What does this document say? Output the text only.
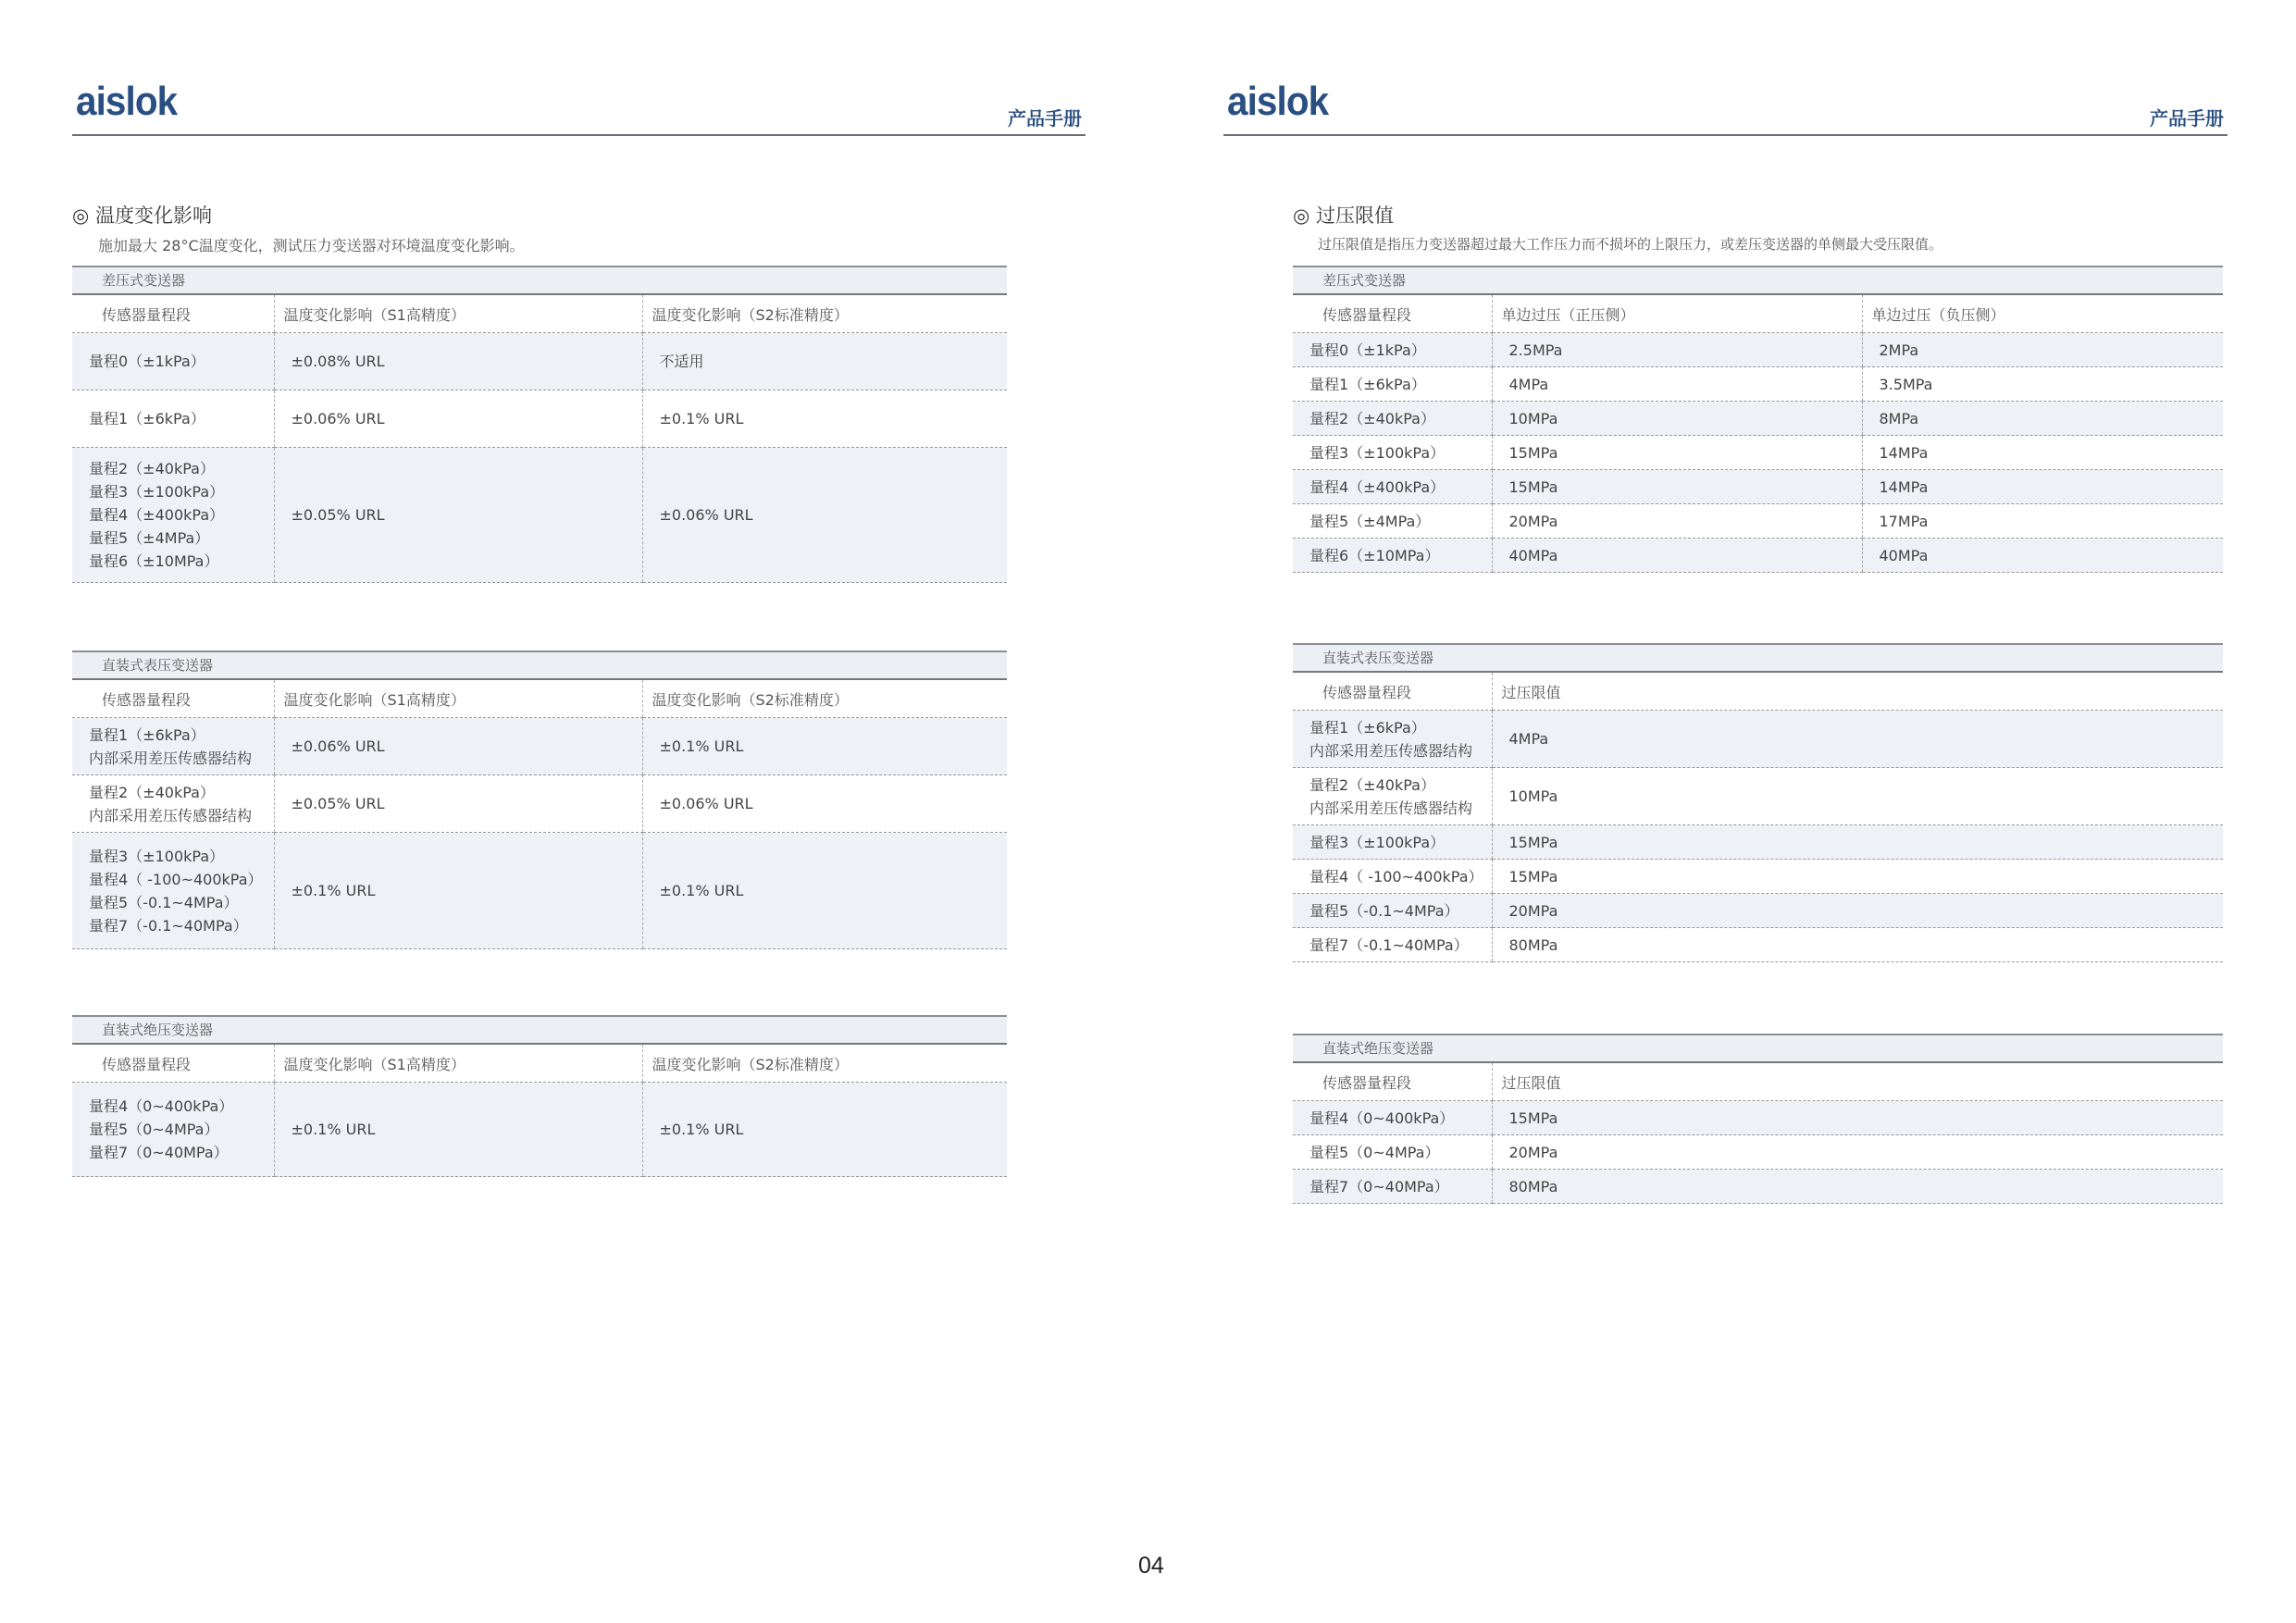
aislok	产品手册
◎ 温度变化影响
施加最大 28°C温度变化，测试压力变送器对环境温度变化影响。
差压式变送器
传感器量程段	温度变化影响（S1高精度）	温度变化影响（S2标准精度）

量程0（±1kPa）	±0.08% URL	不适用

量程1（±6kPa）	±0.06% URL	±0.1% URL

量程2（±40kPa）
量程3（±100kPa）
量程4（±400kPa）
量程5（±4MPa）
量程6（±10MPa）	±0.05% URL	±0.06% URL
直装式表压变送器
传感器量程段	温度变化影响（S1高精度）	温度变化影响（S2标准精度）

量程1（±6kPa）
内部采用差压传感器结构	±0.06% URL	±0.1% URL

量程2（±40kPa）
内部采用差压传感器结构	±0.05% URL	±0.06% URL

量程3（±100kPa）
量程4（ -100~400kPa）
量程5（-0.1~4MPa）
量程7（-0.1~40MPa）	±0.1% URL	±0.1% URL
直装式绝压变送器
传感器量程段	温度变化影响（S1高精度）	温度变化影响（S2标准精度）

量程4（0~400kPa）
量程5（0~4MPa）
量程7（0~40MPa）	±0.1% URL	±0.1% URL
aislok	产品手册
◎ 过压限值
过压限值是指压力变送器超过最大工作压力而不损坏的上限压力，或差压变送器的单侧最大受压限值。
差压式变送器
传感器量程段	单边过压（正压侧）	单边过压（负压侧）

量程0（±1kPa）	2.5MPa	2MPa

量程1（±6kPa）	4MPa	3.5MPa

量程2（±40kPa）	10MPa	8MPa

量程3（±100kPa）	15MPa	14MPa

量程4（±400kPa）	15MPa	14MPa

量程5（±4MPa）	20MPa	17MPa

量程6（±10MPa）	40MPa	40MPa
直装式表压变送器
传感器量程段	过压限值

量程1（±6kPa）
内部采用差压传感器结构	4MPa

量程2（±40kPa）
内部采用差压传感器结构	10MPa

量程3（±100kPa）	15MPa

量程4（ -100~400kPa）	15MPa

量程5（-0.1~4MPa）	20MPa

量程7（-0.1~40MPa）	80MPa
直装式绝压变送器
传感器量程段	过压限值

量程4（0~400kPa）	15MPa

量程5（0~4MPa）	20MPa

量程7（0~40MPa）	80MPa
04
